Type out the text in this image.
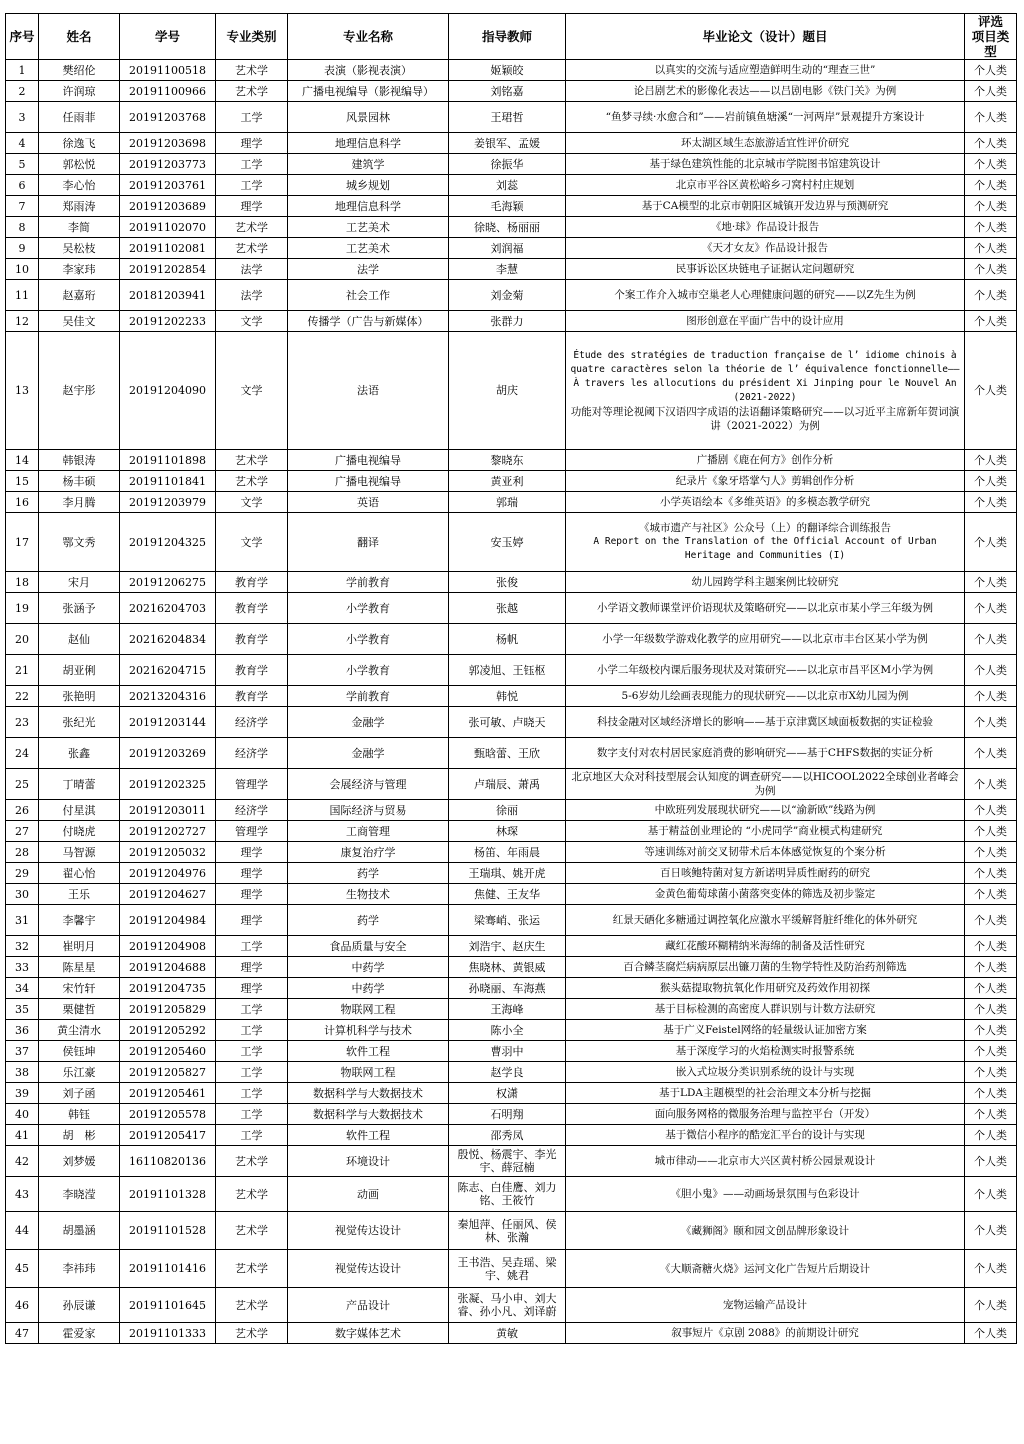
序号	姓名	学号	专业类别	专业名称	指导教师	毕业论文（设计）题目	评选
项目类型

1	樊绍伦	20191100518	艺术学	表演（影视表演）	姬颖皎	以真实的交流与适应塑造鲜明生动的“理查三世”	个人类
2	许润琼	20191100966	艺术学	广播电视编导（影视编导）	刘铭嘉	论吕剧艺术的影像化表达——以吕剧电影《铁门关》为例	个人类
3	任雨菲	20191203768	工学	风景园林	王珺哲	“鱼梦寻续·水愈合和”——岩前镇鱼塘溪“一河两岸”景观提升方案设计	个人类
4	徐逸飞	20191203698	理学	地理信息科学	姜银军、孟媛	环太湖区域生态旅游适宜性评价研究	个人类
5	郭松悦	20191203773	工学	建筑学	徐振华	基于绿色建筑性能的北京城市学院图书馆建筑设计	个人类
6	李心怡	20191203761	工学	城乡规划	刘蕊	北京市平谷区黄松峪乡刁窝村村庄规划	个人类
7	郑雨涛	20191203689	理学	地理信息科学	毛海颖	基于CA模型的北京市朝阳区城镇开发边界与预测研究	个人类
8	李简	20191102070	艺术学	工艺美术	徐晓、杨丽丽	《地·球》作品设计报告	个人类
9	吴松枝	20191102081	艺术学	工艺美术	刘润福	《天才女友》作品设计报告	个人类
10	李家玮	20191202854	法学	法学	李慧	民事诉讼区块链电子证据认定问题研究	个人类
11	赵嘉珩	20181203941	法学	社会工作	刘金菊	个案工作介入城市空巢老人心理健康问题的研究——以Z先生为例	个人类
12	吴佳文	20191202233	文学	传播学（广告与新媒体）	张群力	图形创意在平面广告中的设计应用	个人类
13	赵宇彤	20191204090	文学	法语	胡庆	Étude des stratégies de traduction française de l’ idiome chinois à quatre caractères selon la théorie de l’ équivalence fonctionnelle——À travers les allocutions du président Xi Jinping pour le Nouvel An (2021-2022)
功能对等理论视阈下汉语四字成语的法语翻译策略研究——以习近平主席新年贺词演讲（2021-2022）为例	个人类
14	韩银涛	20191101898	艺术学	广播电视编导	黎晓东	广播剧《鹿在何方》创作分析	个人类
15	杨丰硕	20191101841	艺术学	广播电视编导	黄亚利	纪录片《象牙塔掌勺人》剪辑创作分析	个人类
16	李月腾	20191203979	文学	英语	郭瑞	小学英语绘本《多维英语》的多模态教学研究	个人类
17	鄂文秀	20191204325	文学	翻译	安玉婷	《城市遗产与社区》公众号（上）的翻译综合训练报告
A Report on the Translation of the Official Account of Urban Heritage and Communities (I)	个人类
18	宋月	20191206275	教育学	学前教育	张俊	幼儿园跨学科主题案例比较研究	个人类
19	张涵予	20216204703	教育学	小学教育	张越	小学语文教师课堂评价语现状及策略研究——以北京市某小学三年级为例	个人类
20	赵仙	20216204834	教育学	小学教育	杨帆	小学一年级数学游戏化教学的应用研究——以北京市丰台区某小学为例	个人类
21	胡亚俐	20216204715	教育学	小学教育	郭凌旭、王钰枢	小学二年级校内课后服务现状及对策研究——以北京市昌平区M小学为例	个人类
22	张艳明	20213204316	教育学	学前教育	韩悦	5-6岁幼儿绘画表现能力的现状研究——以北京市X幼儿园为例	个人类
23	张纪光	20191203144	经济学	金融学	张可敏、卢晓天	科技金融对区域经济增长的影响——基于京津冀区域面板数据的实证检验	个人类
24	张鑫	20191203269	经济学	金融学	甄晗蕾、王欣	数字支付对农村居民家庭消费的影响研究——基于CHFS数据的实证分析	个人类
25	丁晴蕾	20191202325	管理学	会展经济与管理	卢瑞辰、萧禹	北京地区大众对科技型展会认知度的调查研究——以HICOOL2022全球创业者峰会为例	个人类
26	付星淇	20191203011	经济学	国际经济与贸易	徐丽	中欧班列发展现状研究——以“渝新欧”线路为例	个人类
27	付晓虎	20191202727	管理学	工商管理	林琛	基于精益创业理论的 “小虎同学”商业模式构建研究	个人类
28	马智源	20191205032	理学	康复治疗学	杨笛、年雨晨	等速训练对前交叉韧带术后本体感觉恢复的个案分析	个人类
29	翟心怡	20191204976	理学	药学	王瑞琪、姚开虎	百日咳鲍特菌对复方新诺明异质性耐药的研究	个人类
30	王乐	20191204627	理学	生物技术	焦健、王友华	金黄色葡萄球菌小菌落突变体的筛选及初步鉴定	个人类
31	李馨宇	20191204984	理学	药学	梁骞峭、张运	红景天硒化多糖通过调控氧化应激水平缓解肾脏纤维化的体外研究	个人类
32	崔明月	20191204908	工学	食品质量与安全	刘浩宇、赵庆生	藏红花酸环糊精纳米海绵的制备及活性研究	个人类
33	陈星星	20191204688	理学	中药学	焦晓林、黄银威	百合鳞茎腐烂病病原层出镰刀菌的生物学特性及防治药剂筛选	个人类
34	宋竹轩	20191204735	理学	中药学	孙晓丽、车海燕	猴头菇提取物抗氧化作用研究及药效作用初探	个人类
35	栗健哲	20191205829	工学	物联网工程	王海峰	基于目标检测的高密度人群识别与计数方法研究	个人类
36	黄尘清水	20191205292	工学	计算机科学与技术	陈小全	基于广义Feistel网络的轻量级认证加密方案	个人类
37	侯钰坤	20191205460	工学	软件工程	曹羽中	基于深度学习的火焰检测实时报警系统	个人类
38	乐江豪	20191205827	工学	物联网工程	赵学良	嵌入式垃圾分类识别系统的设计与实现	个人类
39	刘子函	20191205461	工学	数据科学与大数据技术	权潇	基于LDA主题模型的社会治理文本分析与挖掘	个人类
40	韩钰	20191205578	工学	数据科学与大数据技术	石明翔	面向服务网格的微服务治理与监控平台（开发）	个人类
41	胡　彬	20191205417	工学	软件工程	邵秀凤	基于微信小程序的酷宠汇平台的设计与实现	个人类
42	刘梦媛	16110820136	艺术学	环境设计	殷悦、杨震宇、李光宇、薛冠楠	城市律动——北京市大兴区黄村桥公园景观设计	个人类
43	李晓滢	20191101328	艺术学	动画	陈志、白佳鹰、刘力铭、王筱竹	《胆小鬼》——动画场景氛围与色彩设计	个人类
44	胡墨涵	20191101528	艺术学	视觉传达设计	秦旭萍、任丽风、侯林、张瀚	《藏狮阁》颐和园文创品牌形象设计	个人类
45	李祎玮	20191101416	艺术学	视觉传达设计	王书浩、吴垚瑶、梁宇、姚君	《大顺斋糖火烧》运河文化广告短片后期设计	个人类
46	孙辰谦	20191101645	艺术学	产品设计	张凝、马小申、刘大睿、孙小凡、刘译蔚	宠物运输产品设计	个人类
47	霍爱家	20191101333	艺术学	数字媒体艺术	黄敏	叙事短片《京剧 2088》的前期设计研究	个人类
